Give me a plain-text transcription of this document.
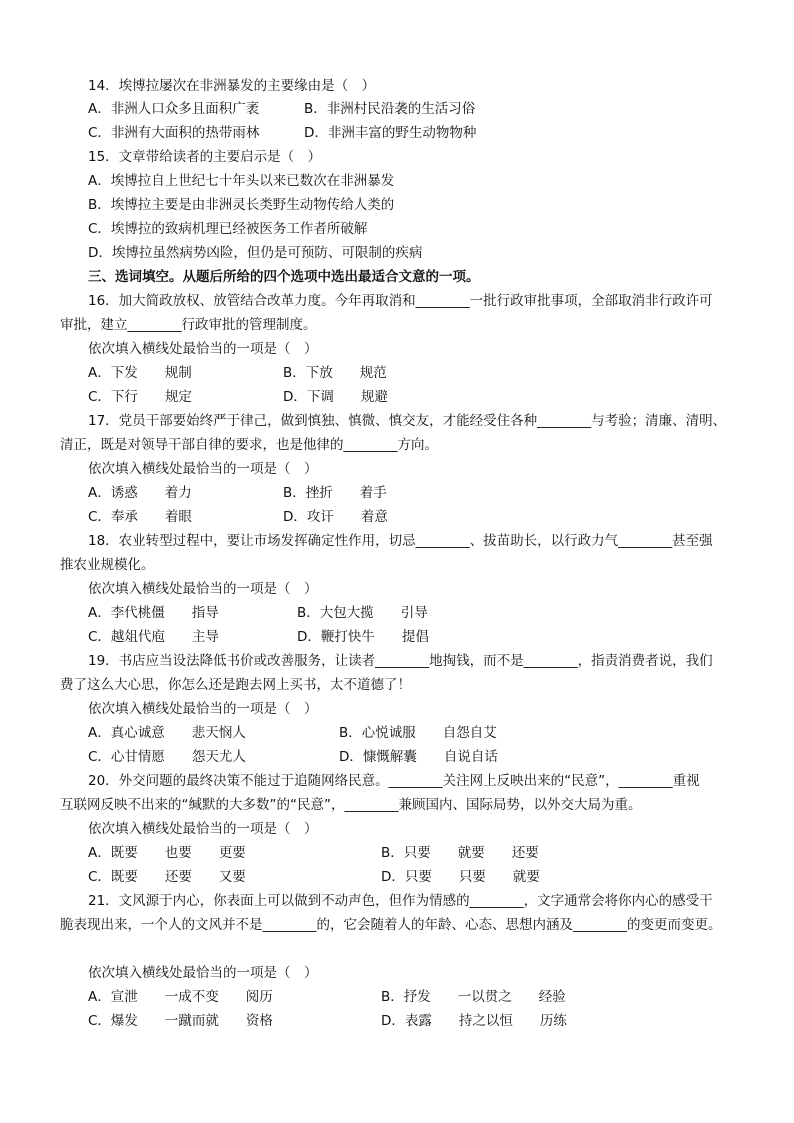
14．埃博拉屡次在非洲暴发的主要缘由是（　）
A．非洲人口众多且面积广袤	B．非洲村民沿袭的生活习俗
C．非洲有大面积的热带雨林	D．非洲丰富的野生动物物种
15．文章带给读者的主要启示是（　）
A．埃博拉自上世纪七十年头以来已数次在非洲暴发
B．埃博拉主要是由非洲灵长类野生动物传给人类的
C．埃博拉的致病机理已经被医务工作者所破解
D．埃博拉虽然病势凶险，但仍是可预防、可限制的疾病
三、选词填空。从题后所给的四个选项中选出最适合文意的一项。
16．加大简政放权、放管结合改革力度。今年再取消和________一批行政审批事项，全部取消非行政许可
审批，建立________行政审批的管理制度。
依次填入横线处最恰当的一项是（　）
A．下发　　规制	B．下放　　规范
C．下行　　规定	D．下调　　规避
17．党员干部要始终严于律己，做到慎独、慎微、慎交友，才能经受住各种________与考验；清廉、清明、
清正，既是对领导干部自律的要求，也是他律的________方向。
依次填入横线处最恰当的一项是（　）
A．诱惑　　着力	B．挫折　　着手
C．奉承　　着眼	D．攻讦　　着意
18．农业转型过程中，要让市场发挥确定性作用，切忌________、拔苗助长，以行政力气________甚至强
推农业规模化。
依次填入横线处最恰当的一项是（　）
A．李代桃僵　　指导	B．大包大揽　　引导
C．越俎代庖　　主导	D．鞭打快牛　　提倡
19．书店应当设法降低书价或改善服务，让读者________地掏钱，而不是________，指责消费者说，我们
费了这么大心思，你怎么还是跑去网上买书，太不道德了！
依次填入横线处最恰当的一项是（　）
A．真心诚意　　悲天悯人	B．心悦诚服　　自怨自艾
C．心甘情愿　　怨天尤人	D．慷慨解囊　　自说自话
20．外交问题的最终决策不能过于追随网络民意。________关注网上反映出来的“民意”，________重视
互联网反映不出来的“缄默的大多数”的“民意”，________兼顾国内、国际局势，以外交大局为重。
依次填入横线处最恰当的一项是（　）
A．既要　　也要　　更要	B．只要　　就要　　还要
C．既要　　还要　　又要	D．只要　　只要　　就要
21．文风源于内心，你表面上可以做到不动声色，但作为情感的________，文字通常会将你内心的感受干
脆表现出来，一个人的文风并不是________的，它会随着人的年龄、心态、思想内涵及________的变更而变更。
依次填入横线处最恰当的一项是（　）
A．宣泄　　一成不变　　阅历	B．抒发　　一以贯之　　经验
C．爆发　　一蹴而就　　资格	D．表露　　持之以恒　　历练
